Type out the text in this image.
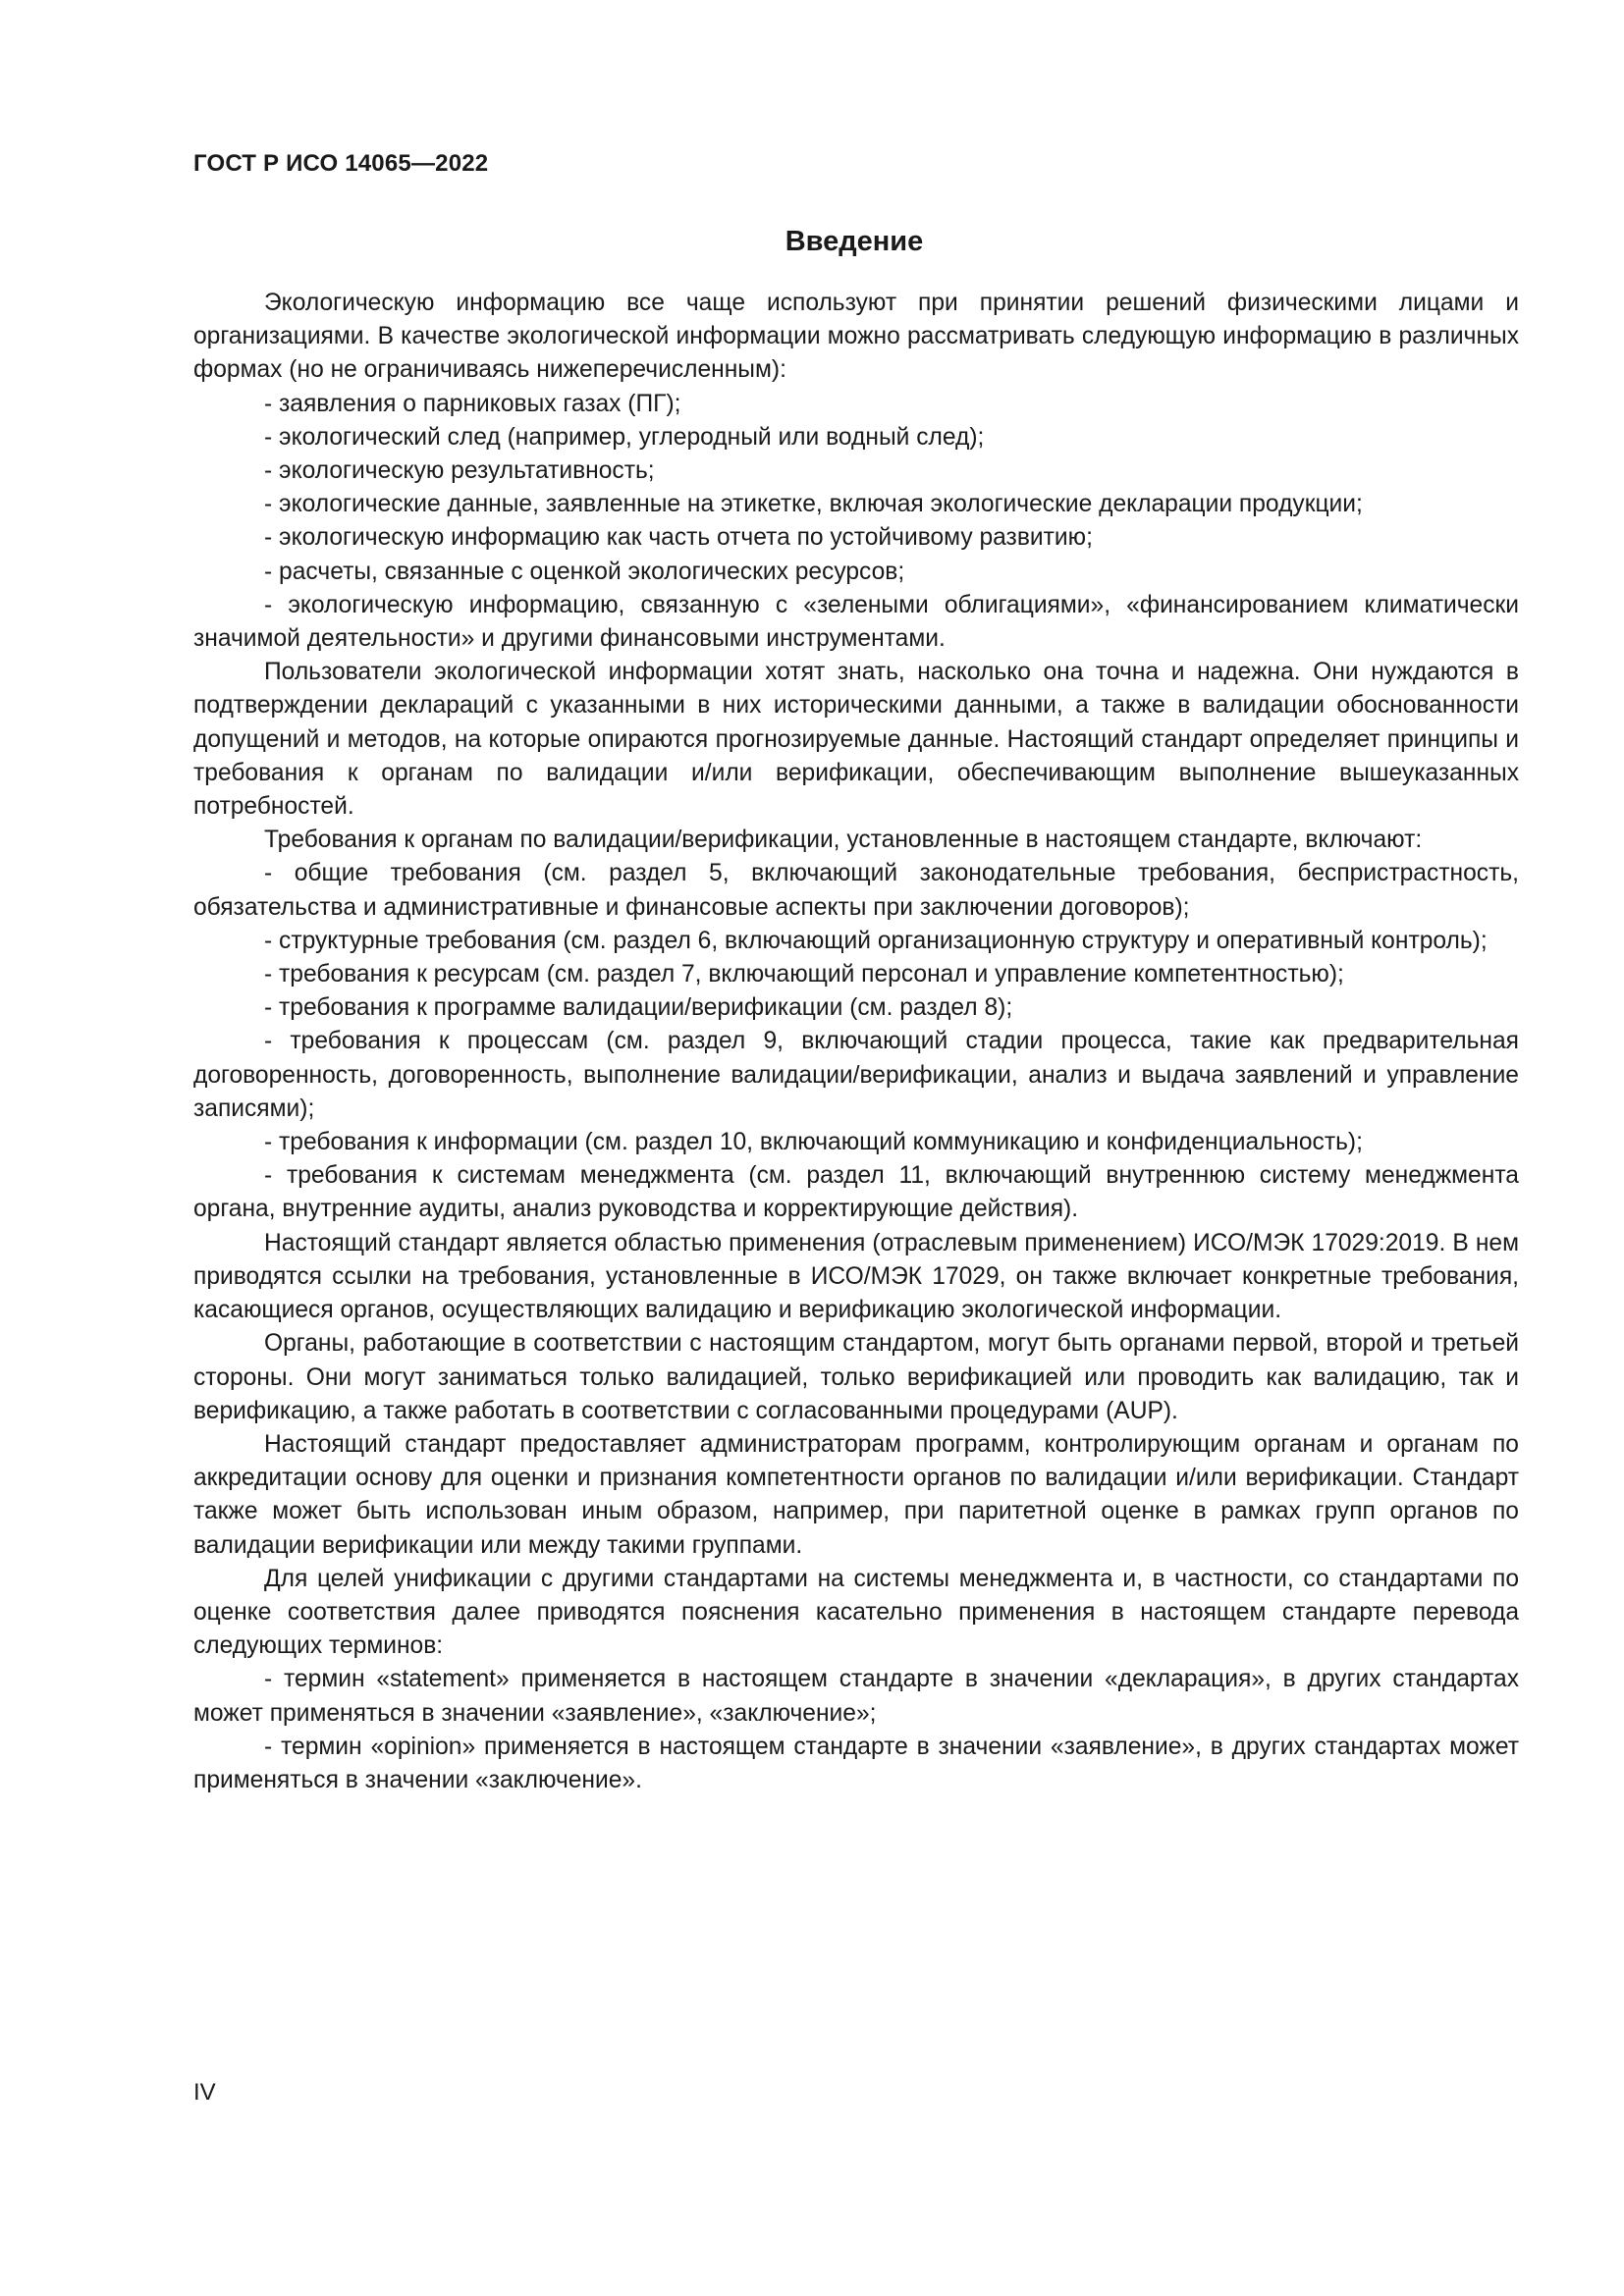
ГОСТ Р ИСО 14065—2022
Введение

Экологическую информацию все чаще используют при принятии решений физическими лицами и организациями. В качестве экологической информации можно рассматривать следующую информацию в различных формах (но не ограничиваясь нижеперечисленным):

- заявления о парниковых газах (ПГ);

- экологический след (например, углеродный или водный след);

- экологическую результативность;

- экологические данные, заявленные на этикетке, включая экологические декларации продукции;

- экологическую информацию как часть отчета по устойчивому развитию;

- расчеты, связанные с оценкой экологических ресурсов;

- экологическую информацию, связанную с «зелеными облигациями», «финансированием климатически значимой деятельности» и другими финансовыми инструментами.

Пользователи экологической информации хотят знать, насколько она точна и надежна. Они нуждаются в подтверждении деклараций с указанными в них историческими данными, а также в валидации обоснованности допущений и методов, на которые опираются прогнозируемые данные. Настоящий стандарт определяет принципы и требования к органам по валидации и/или верификации, обеспечивающим выполнение вышеуказанных потребностей.

Требования к органам по валидации/верификации, установленные в настоящем стандарте, включают:

- общие требования (см. раздел 5, включающий законодательные требования, беспристрастность, обязательства и административные и финансовые аспекты при заключении договоров);

- структурные требования (см. раздел 6, включающий организационную структуру и оперативный контроль);

- требования к ресурсам (см. раздел 7, включающий персонал и управление компетентностью);

- требования к программе валидации/верификации (см. раздел 8);

- требования к процессам (см. раздел 9, включающий стадии процесса, такие как предварительная договоренность, договоренность, выполнение валидации/верификации, анализ и выдача заявлений и управление записями);

- требования к информации (см. раздел 10, включающий коммуникацию и конфиденциальность);

- требования к системам менеджмента (см. раздел 11, включающий внутреннюю систему менеджмента органа, внутренние аудиты, анализ руководства и корректирующие действия).

Настоящий стандарт является областью применения (отраслевым применением) ИСО/МЭК 17029:2019. В нем приводятся ссылки на требования, установленные в ИСО/МЭК 17029, он также включает конкретные требования, касающиеся органов, осуществляющих валидацию и верификацию экологической информации.

Органы, работающие в соответствии с настоящим стандартом, могут быть органами первой, второй и третьей стороны. Они могут заниматься только валидацией, только верификацией или проводить как валидацию, так и верификацию, а также работать в соответствии с согласованными процедурами (AUP).

Настоящий стандарт предоставляет администраторам программ, контролирующим органам и органам по аккредитации основу для оценки и признания компетентности органов по валидации и/или верификации. Стандарт также может быть использован иным образом, например, при паритетной оценке в рамках групп органов по валидации верификации или между такими группами.

Для целей унификации с другими стандартами на системы менеджмента и, в частности, со стандартами по оценке соответствия далее приводятся пояснения касательно применения в настоящем стандарте перевода следующих терминов:

- термин «statement» применяется в настоящем стандарте в значении «декларация», в других стандартах может применяться в значении «заявление», «заключение»;

- термин «opinion» применяется в настоящем стандарте в значении «заявление», в других стандартах может применяться в значении «заключение».

IV
